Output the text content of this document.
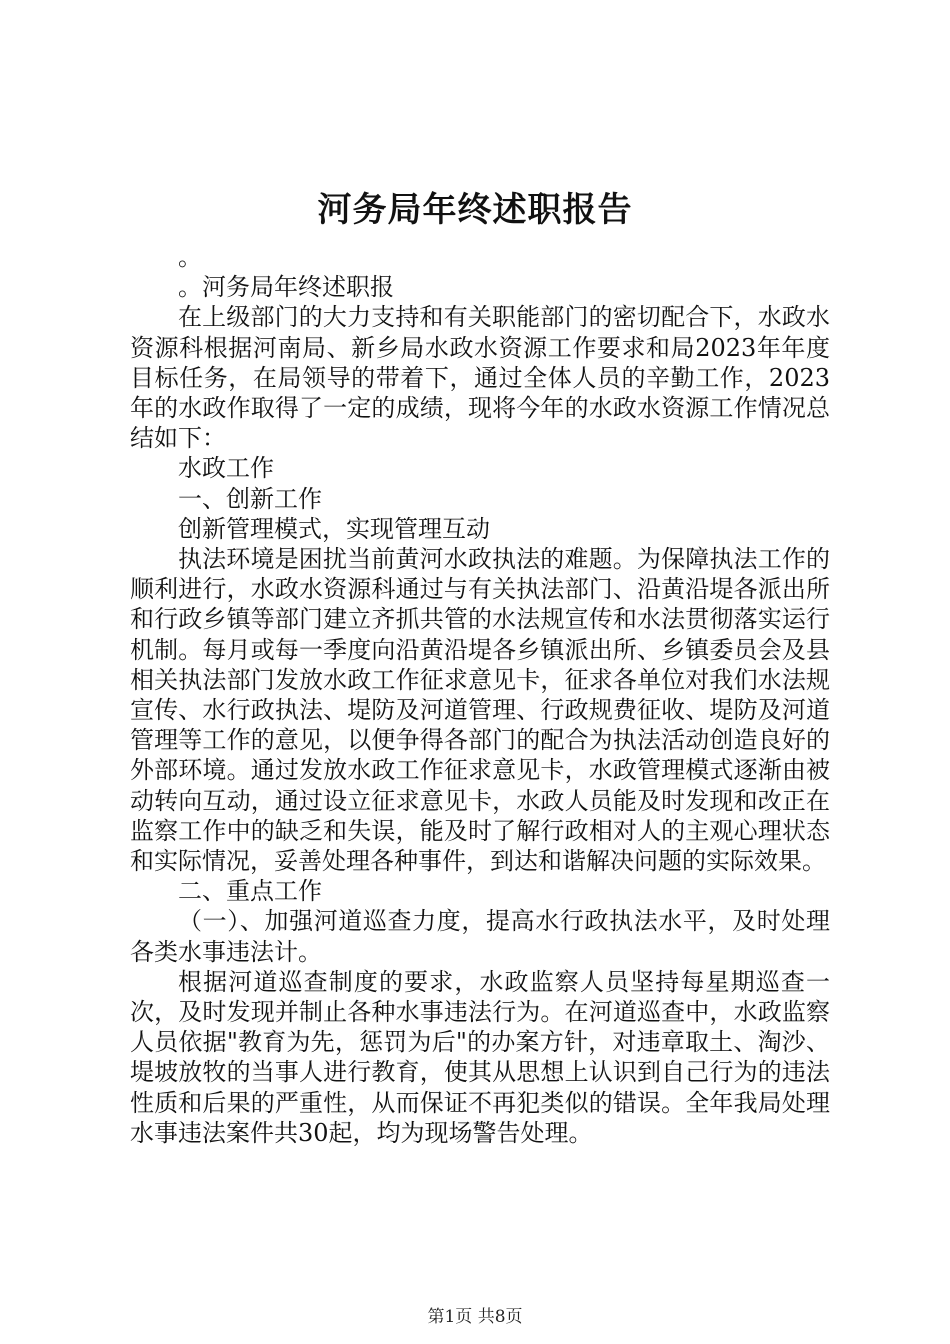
河务局年终述职报告

。

。河务局年终述职报

在上级部门的大力支持和有关职能部门的密切配合下，水政水资源科根据河南局、新乡局水政水资源工作要求和局2023年年度目标任务，在局领导的带着下，通过全体人员的辛勤工作，2023年的水政作取得了一定的成绩，现将今年的水政水资源工作情况总结如下：

水政工作

一、创新工作

创新管理模式，实现管理互动

执法环境是困扰当前黄河水政执法的难题。为保障执法工作的顺利进行，水政水资源科通过与有关执法部门、沿黄沿堤各派出所和行政乡镇等部门建立齐抓共管的水法规宣传和水法贯彻落实运行机制。每月或每一季度向沿黄沿堤各乡镇派出所、乡镇委员会及县相关执法部门发放水政工作征求意见卡，征求各单位对我们水法规宣传、水行政执法、堤防及河道管理、行政规费征收、堤防及河道管理等工作的意见，以便争得各部门的配合为执法活动创造良好的外部环境。通过发放水政工作征求意见卡，水政管理模式逐渐由被动转向互动，通过设立征求意见卡，水政人员能及时发现和改正在监察工作中的缺乏和失误，能及时了解行政相对人的主观心理状态和实际情况，妥善处理各种事件，到达和谐解决问题的实际效果。

二、重点工作

（一）、加强河道巡查力度，提高水行政执法水平，及时处理各类水事违法计。

根据河道巡查制度的要求，水政监察人员坚持每星期巡查一次，及时发现并制止各种水事违法行为。在河道巡查中，水政监察人员依据"教育为先，惩罚为后"的办案方针，对违章取土、淘沙、堤坡放牧的当事人进行教育，使其从思想上认识到自己行为的违法性质和后果的严重性，从而保证不再犯类似的错误。全年我局处理水事违法案件共30起，均为现场警告处理。

第1页 共8页
